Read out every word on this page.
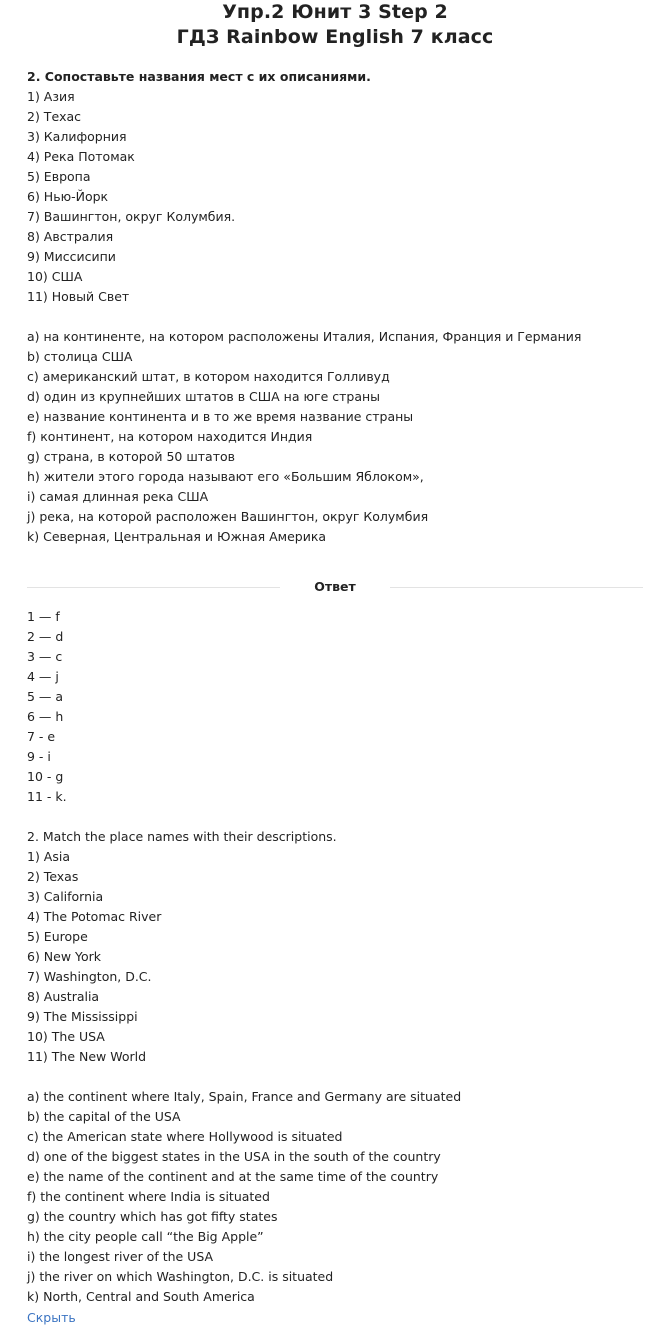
Упр.2 Юнит 3 Step 2
ГДЗ Rainbow English 7 класс
2. Сопоставьте названия мест с их описаниями.
1) Азия
2) Техас
3) Калифорния
4) Река Потомак
5) Европа
6) Нью-Йорк
7) Вашингтон, округ Колумбия.
8) Австралия
9) Миссисипи
10) США
11) Новый Свет
a) на континенте, на котором расположены Италия, Испания, Франция и Германия
b) столица США
c) американский штат, в котором находится Голливуд
d) один из крупнейших штатов в США на юге страны
e) название континента и в то же время название страны
f) континент, на котором находится Индия
g) страна, в которой 50 штатов
h) жители этого города называют его «Большим Яблоком»,
i) самая длинная река США
j) река, на которой расположен Вашингтон, округ Колумбия
k) Северная, Центральная и Южная Америка
Ответ
1 — f
2 — d
3 — c
4 — j
5 — a
6 — h
7 - e
9 - i
10 - g
11 - k.
2. Match the place names with their descriptions.
1) Asia
2) Texas
3) California
4) The Potomac River
5) Europe
6) New York
7) Washington, D.C.
8) Australia
9) The Mississippi
10) The USA
11) The New World
a) the continent where Italy, Spain, France and Germany are situated
b) the capital of the USA
c) the American state where Hollywood is situated
d) one of the biggest states in the USA in the south of the country
e) the name of the continent and at the same time of the country
f) the continent where India is situated
g) the country which has got fifty states
h) the city people call “the Big Apple”
i) the longest river of the USA
j) the river on which Washington, D.C. is situated
k) North, Central and South America
Скрыть
